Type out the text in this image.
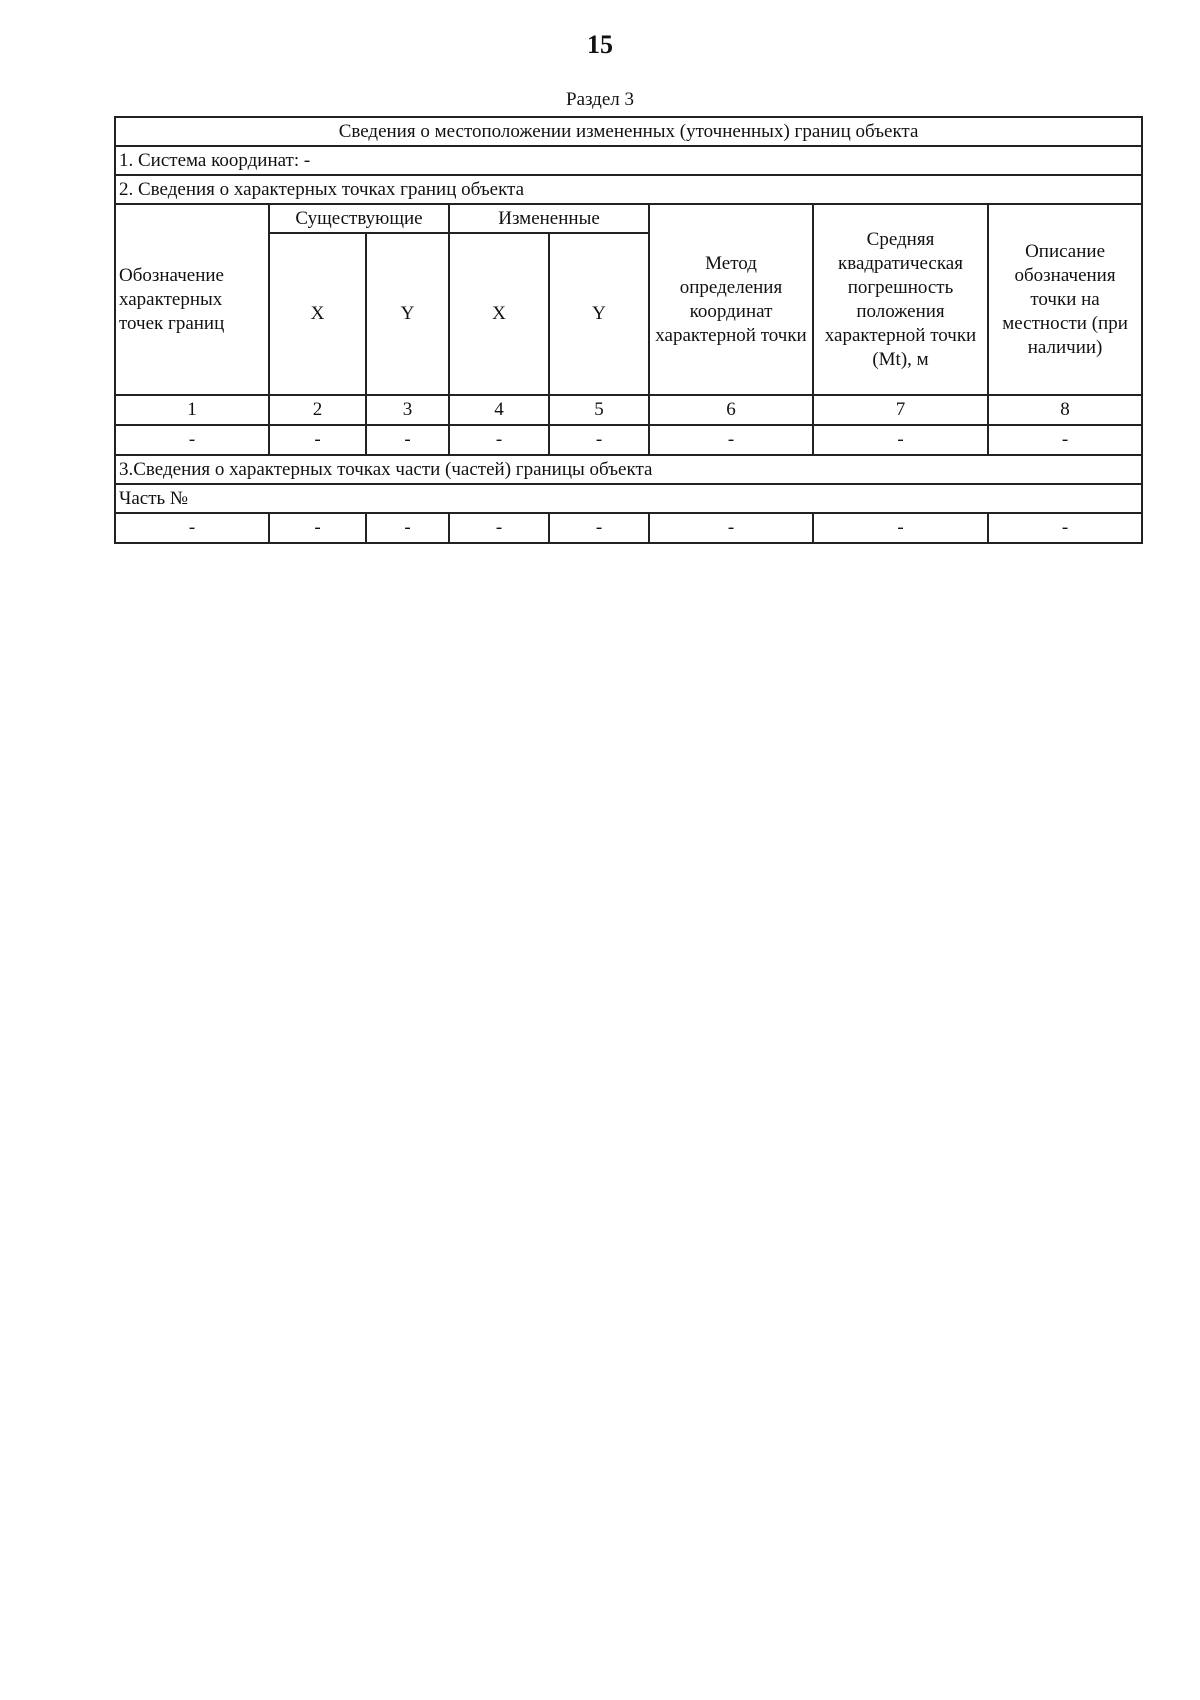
15
Раздел 3
Сведения о местоположении измененных (уточненных) границ объекта							
1. Система координат: -							
2. Сведения о характерных точках границ объекта							
Обозначение характерных точек границ	Существующие		Измененные		Метод определения координат характерной точки	Средняя квадратическая погрешность положения характерной точки (Mt), м	Описание обозначения точки на местности (при наличии)
	X	Y	X	Y			
1	2	3	4	5	6	7	8
-	-	-	-	-	-	-	-
3.Сведения о характерных точках части (частей) границы объекта							
Часть №							
-	-	-	-	-	-	-	-
